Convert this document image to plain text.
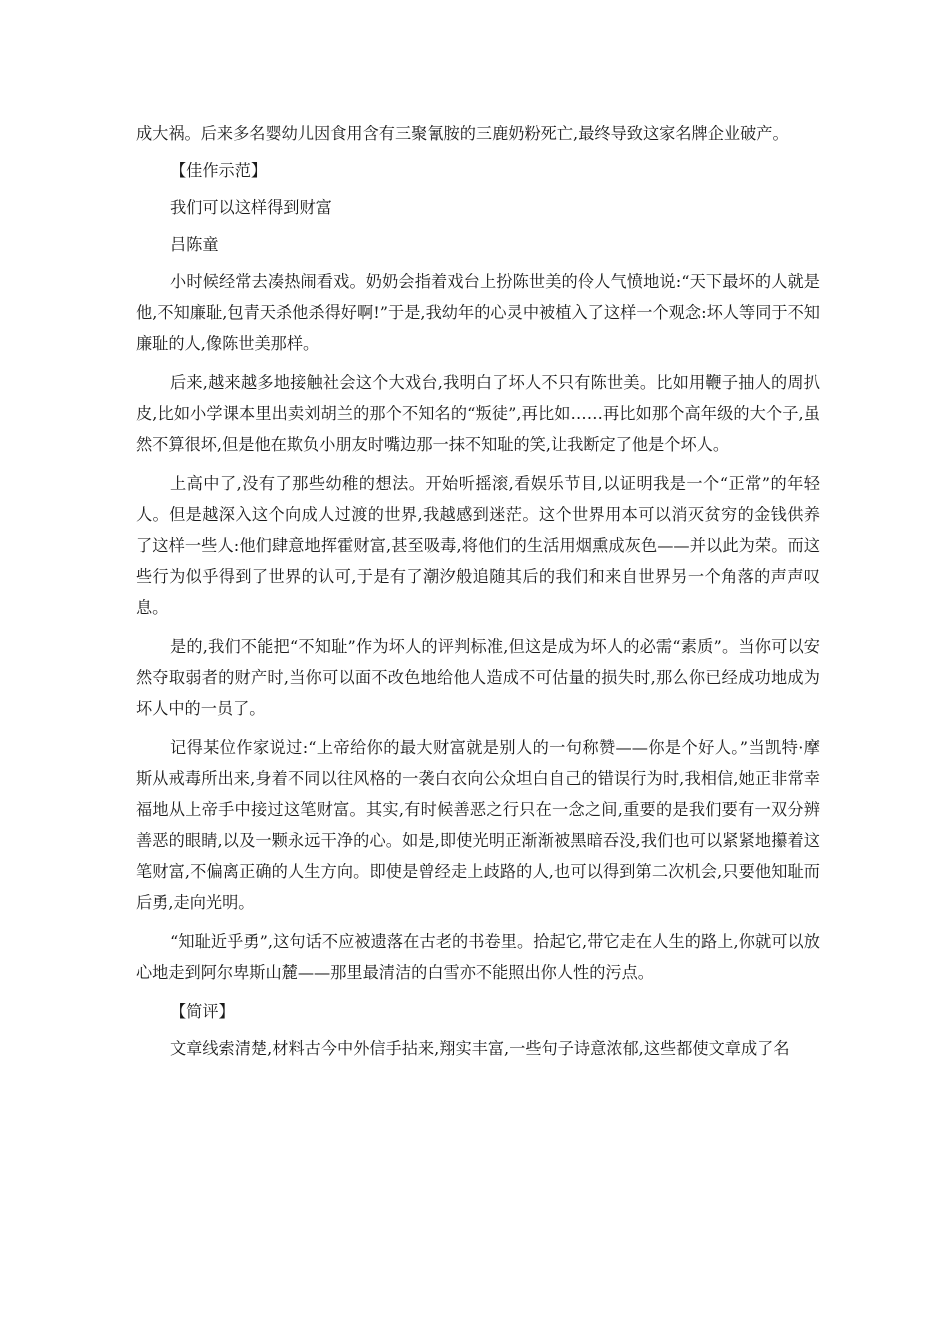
成大祸。后来多名婴幼儿因食用含有三聚氰胺的三鹿奶粉死亡,最终导致这家名牌企业破产。

【佳作示范】

我们可以这样得到财富

吕陈童

小时候经常去凑热闹看戏。奶奶会指着戏台上扮陈世美的伶人气愤地说:“天下最坏的人就是他,不知廉耻,包青天杀他杀得好啊!”于是,我幼年的心灵中被植入了这样一个观念:坏人等同于不知廉耻的人,像陈世美那样。

后来,越来越多地接触社会这个大戏台,我明白了坏人不只有陈世美。比如用鞭子抽人的周扒皮,比如小学课本里出卖刘胡兰的那个不知名的“叛徒”,再比如……再比如那个高年级的大个子,虽然不算很坏,但是他在欺负小朋友时嘴边那一抹不知耻的笑,让我断定了他是个坏人。

上高中了,没有了那些幼稚的想法。开始听摇滚,看娱乐节目,以证明我是一个“正常”的年轻人。但是越深入这个向成人过渡的世界,我越感到迷茫。这个世界用本可以消灭贫穷的金钱供养了这样一些人:他们肆意地挥霍财富,甚至吸毒,将他们的生活用烟熏成灰色——并以此为荣。而这些行为似乎得到了世界的认可,于是有了潮汐般追随其后的我们和来自世界另一个角落的声声叹息。

是的,我们不能把“不知耻”作为坏人的评判标准,但这是成为坏人的必需“素质”。当你可以安然夺取弱者的财产时,当你可以面不改色地给他人造成不可估量的损失时,那么你已经成功地成为坏人中的一员了。

记得某位作家说过:“上帝给你的最大财富就是别人的一句称赞——你是个好人。”当凯特·摩斯从戒毒所出来,身着不同以往风格的一袭白衣向公众坦白自己的错误行为时,我相信,她正非常幸福地从上帝手中接过这笔财富。其实,有时候善恶之行只在一念之间,重要的是我们要有一双分辨善恶的眼睛,以及一颗永远干净的心。如是,即使光明正渐渐被黑暗吞没,我们也可以紧紧地攥着这笔财富,不偏离正确的人生方向。即使是曾经走上歧路的人,也可以得到第二次机会,只要他知耻而后勇,走向光明。

“知耻近乎勇”,这句话不应被遗落在古老的书卷里。拾起它,带它走在人生的路上,你就可以放心地走到阿尔卑斯山麓——那里最清洁的白雪亦不能照出你人性的污点。

【简评】

文章线索清楚,材料古今中外信手拈来,翔实丰富,一些句子诗意浓郁,这些都使文章成了名
